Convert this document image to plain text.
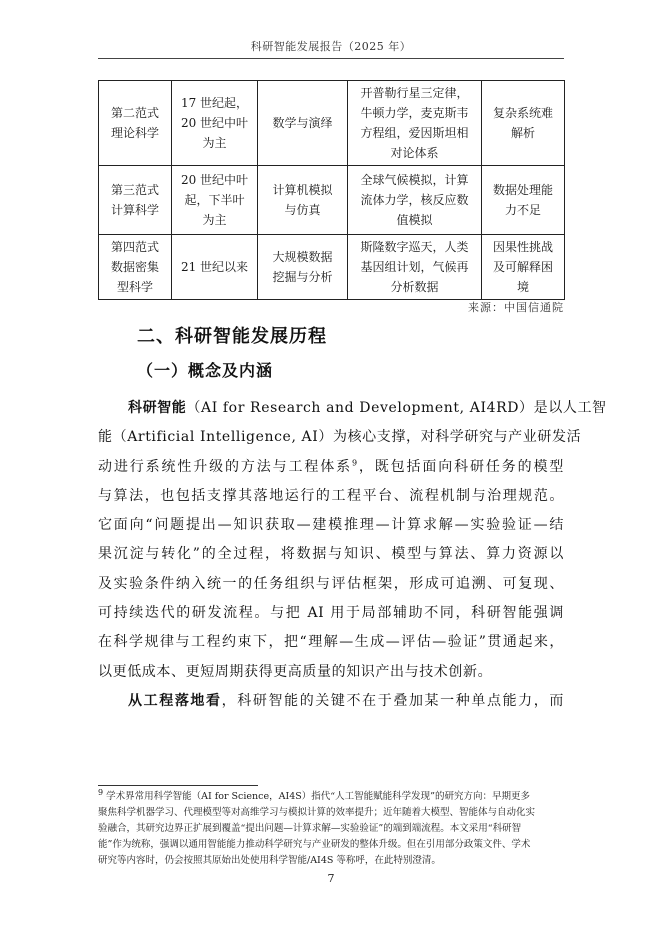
科研智能发展报告（2025 年）
第二范式
理论科学	17 世纪起，
20 世纪中叶
为主	数学与演绎	开普勒行星三定律，
牛顿力学，麦克斯韦
方程组，爱因斯坦相
对论体系	复杂系统难
解析
第三范式
计算科学	20 世纪中叶
起，下半叶
为主	计算机模拟
与仿真	全球气候模拟，计算
流体力学，核反应数
值模拟	数据处理能
力不足
第四范式
数据密集
型科学	21 世纪以来	大规模数据
挖掘与分析	斯隆数字巡天，人类
基因组计划，气候再
分析数据	因果性挑战
及可解释困
境
来源：中国信通院
二、科研智能发展历程
（一）概念及内涵
科研智能（AI for Research and Development, AI4RD）是以人工智
能（Artificial Intelligence, AI）为核心支撑，对科学研究与产业研发活
动进行系统性升级的方法与工程体系$^9$，既包括面向科研任务的模型
与算法，也包括支撑其落地运行的工程平台、流程机制与治理规范。
它面向“问题提出—知识获取—建模推理—计算求解—实验验证—结
果沉淀与转化”的全过程，将数据与知识、模型与算法、算力资源以
及实验条件纳入统一的任务组织与评估框架，形成可追溯、可复现、
可持续迭代的研发流程。与把 AI 用于局部辅助不同，科研智能强调
在科学规律与工程约束下，把“理解—生成—评估—验证”贯通起来，
以更低成本、更短周期获得更高质量的知识产出与技术创新。
从工程落地看，科研智能的关键不在于叠加某一种单点能力，而
$^9$ 学术界常用科学智能（AI for Science，AI4S）指代“人工智能赋能科学发现”的研究方向：早期更多
聚焦科学机器学习、代理模型等对高维学习与模拟计算的效率提升；近年随着大模型、智能体与自动化实
验融合，其研究边界正扩展到覆盖“提出问题—计算求解—实验验证”的端到端流程。本文采用“科研智
能”作为统称，强调以通用智能能力推动科学研究与产业研发的整体升级。但在引用部分政策文件、学术
研究等内容时，仍会按照其原始出处使用科学智能/AI4S 等称呼，在此特别澄清。
7
